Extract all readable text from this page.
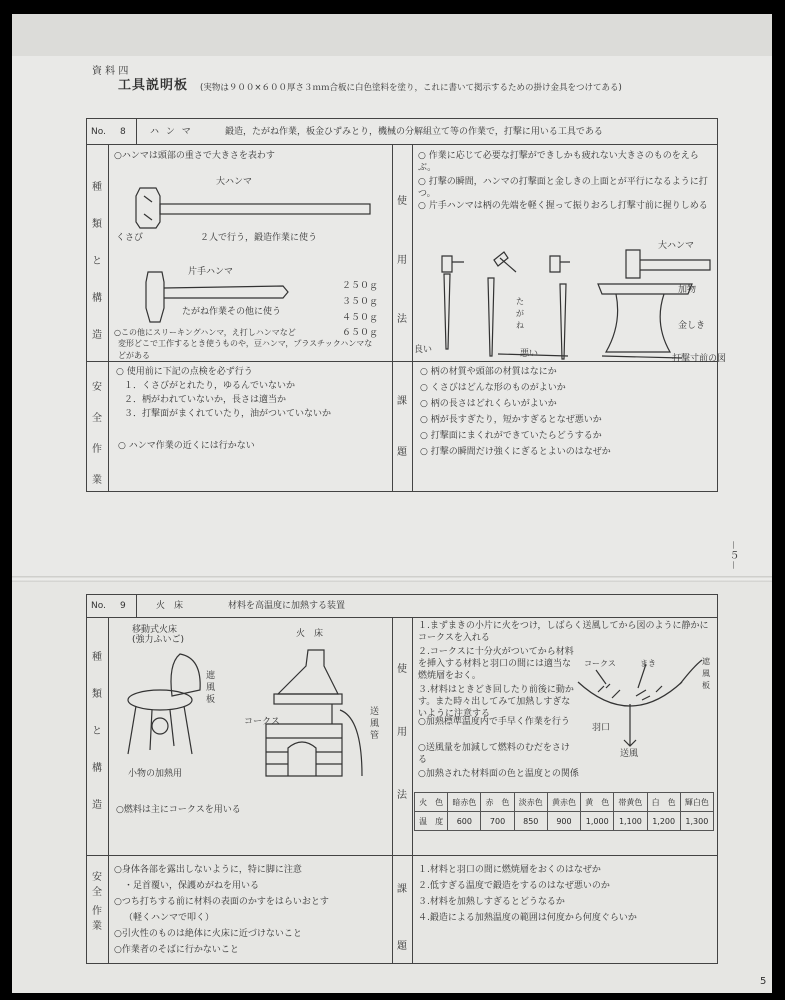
資 料 四
工具説明板 (実物は９００×６００厚さ３ｍｍ合板に白色塗料を塗り，これに書いて掲示するための掛け金具をつけてある)
No. 8	ハ ン マ	鍛造，たがね作業，板金ひずみとり，機械の分解組立て等の作業で，打撃に用いる工具である
種
類
と
構
造
使
用
法
安
全
作
業
課
題
○ハンマは頭部の重さで大きさを表わす
大ハンマ
くさび	２人で行う，鍛造作業に使う
片手ハンマ
たがね作業その他に使う
２５０ｇ
３５０ｇ
４５０ｇ
６５０ｇ
○この他にスリーキングハンマ，え打しハンマなど
変形どこで工作するとき使うものや，豆ハンマ，プラスチックハンマなどがある
○ 作業に応じて必要な打撃ができしかも疲れない大きさのものをえらぶ。
○ 打撃の瞬間，ハンマの打撃面と金しきの上面とが平行になるように打つ。
○ 片手ハンマは柄の先端を軽く握って振りおろし打撃寸前に握りしめる
大ハンマ
加物
金しき
たがね
良い	悪い	打撃寸前の図
○ 使用前に下記の点検を必ず行う
１．くさびがとれたり，ゆるんでいないか
２．柄がわれていないか，長さは適当か
３．打撃面がまくれていたり，油がついていないか
○ ハンマ作業の近くには行かない
○ 柄の材質や頭部の材質はなにか
○ くさびはどんな形のものがよいか
○ 柄の長さはどれくらいがよいか
○ 柄が長すぎたり，短かすぎるとなぜ悪いか
○ 打撃面にまくれができていたらどうするか
○ 打撃の瞬間だけ強くにぎるとよいのはなぜか
－５－
No. 9	火　床	材料を高温度に加熱する装置
種
類
と
構
造
使
用
法
安
全
作
業
課
題
移動式火床
(強力ふいご)
遮風板
小物の加熱用
火　床
コークス
送風管
○燃料は主にコークスを用いる
１.まずまきの小片に火をつけ，しばらく送風してから図のように静かにコークスを入れる
２.コークスに十分火がついてから材料を挿入する材料と羽口の間には適当な燃焼層をおく。
３.材料はときどき回したり前後に動かす。また時々出してみて加熱しすぎないように注意する
○加熱標準温度内で手早く作業を行う
○送風量を加減して燃料のむだをさける
○加熱された材料面の色と温度との関係
コークス	まき	遮風板
羽口
送風
火　色	暗赤色	赤　色	淡赤色	黄赤色	黄　色	帯黄色	白　色	輝白色
温　度	600	700	850	900	1,000	1,100	1,200	1,300
○身体各部を露出しないように，特に脚に注意
・足首覆い，保護めがねを用いる
○つち打ちする前に材料の表面のかすをはらいおとす
（軽くハンマで叩く）
○引火性のものは絶体に火床に近づけないこと
○作業者のそばに行かないこと
１.材料と羽口の間に燃焼層をおくのはなぜか
２.低すぎる温度で鍛造をするのはなぜ悪いのか
３.材料を加熱しすぎるとどうなるか
４.鍛造による加熱温度の範囲は何度から何度ぐらいか
5
